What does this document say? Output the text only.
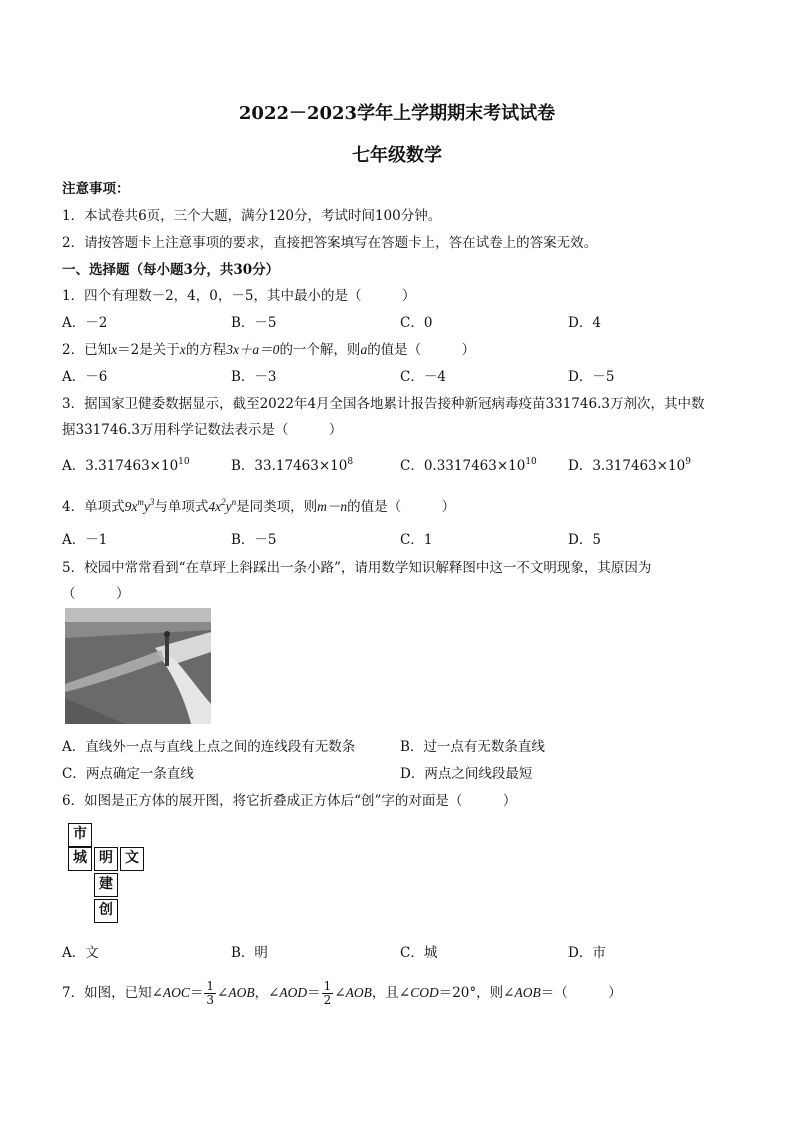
2022－2023学年上学期期末考试试卷
七年级数学
注意事项：
1．本试卷共6页，三个大题，满分120分，考试时间100分钟。
2．请按答题卡上注意事项的要求，直接把答案填写在答题卡上，答在试卷上的答案无效。
一、选择题（每小题3分，共30分）
1．四个有理数－2，4，0，－5，其中最小的是（　　　）
A．－2	B．－5	C．0	D．4
2．已知x＝2是关于x的方程3x＋a＝0的一个解，则a的值是（　　　）
A．－6	B．－3	C．－4	D．－5
3．据国家卫健委数据显示，截至2022年4月全国各地累计报告接种新冠病毒疫苗331746.3万剂次，其中数
据331746.3万用科学记数法表示是（　　　）
A．$3.317463\times 10^{10}$	B．$33.17463\times 10^8$	C．$0.3317463\times 10^{10}$ D．$3.317463\times 10^9$
4．单项式$9x^my^3$与单项式$4x^2y^n$是同类项，则m－n的值是（　　　）
A．－1	B．－5	C．1	D．5
5．校园中常常看到“在草坪上斜踩出一条小路”，请用数学知识解释图中这一不文明现象，其原因为
（　　　）
A．直线外一点与直线上点之间的连线段有无数条	B．过一点有无数条直线
C．两点确定一条直线	D．两点之间线段最短
6．如图是正方体的展开图，将它折叠成正方体后“创”字的对面是（　　　）
市
城 明 文
建
创
A．文	B．明	C．城	D．市
7．如图，已知∠AOC＝ $\frac{1}{3}$ ∠AOB，∠AOD＝ $\frac{1}{2}$ ∠AOB，且∠COD＝20°，则∠AOB＝（　　　）
